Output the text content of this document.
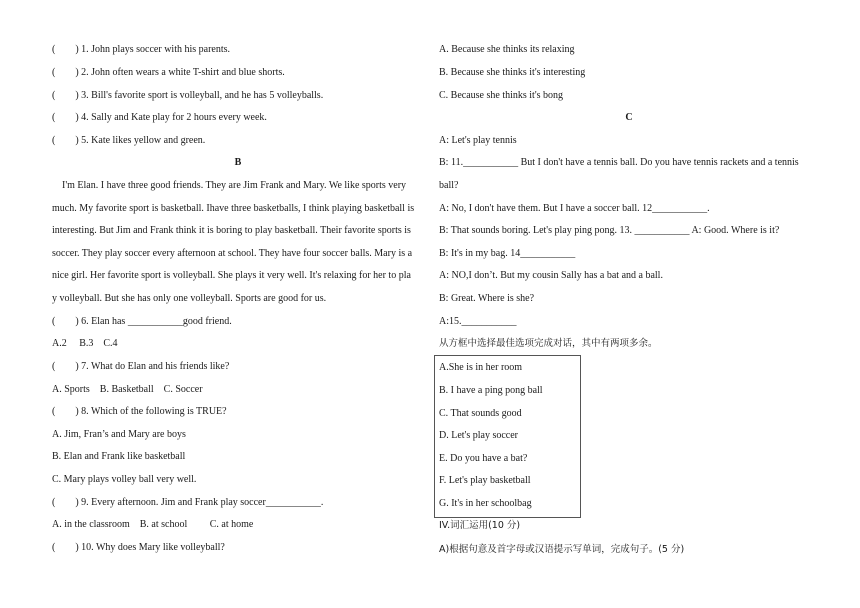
(　　) 1. John plays soccer with his parents.
(　　) 2. John often wears a white T-shirt and blue shorts.
(　　) 3. Bill's favorite sport is volleyball, and he has 5 volleyballs.
(　　) 4. Sally and Kate play for 2 hours every week.
(　　) 5. Kate likes yellow and green.
B
　I'm Elan. I have three good friends. They are Jim Frank and Mary. We like sports very
much. My favorite sport is basketball. Ihave three basketballs, I think playing basketball is
interesting. But Jim and Frank think it is boring to play basketball. Their favorite sports is
soccer. They play soccer every afternoon at school. They have four soccer balls. Mary is a
nice girl. Her favorite sport is volleyball. She plays it very well. It's relaxing for her to pla
y volleyball. But she has only one volleyball. Sports are good for us.
(　　) 6. Elan has ___________good friend.
A.2　 B.3　C.4
(　　) 7. What do Elan and his friends like?
A. Sports　B. Basketball　C. Soccer
(　　) 8. Which of the following is TRUE?
A. Jim, Fran’s and Mary are boys
B. Elan and Frank like basketball
C. Mary plays volley ball very well.
(　　) 9. Every afternoon. Jim and Frank play soccer___________.
A. in the classroom　B. at school　　 C. at home
(　　) 10. Why does Mary like volleyball?
A. Because she thinks its relaxing
B. Because she thinks it's interesting
C. Because she thinks it's bong
C
A: Let's play tennis
B: 11.___________ But I don't have a tennis ball. Do you have tennis rackets and a tennis
ball?
A: No, I don't have them. But I have a soccer ball. 12___________.
B: That sounds boring. Let's play ping pong. 13. ___________ A: Good. Where is it?
B: It's in my bag. 14___________
A: NO,I don’t. But my cousin Sally has a bat and a ball.
B: Great. Where is she?
A:15.___________
从方框中选择最佳选项完成对话，其中有两项多余。
IV.词汇运用(10 分)
A)根据句意及首字母或汉语提示写单词，完成句子。(5 分)
A.She is in her room
B. I have a ping pong ball
C. That sounds good
D. Let's play soccer
E. Do you have a bat?
F. Let's play basketball
G. It's in her schoolbag
